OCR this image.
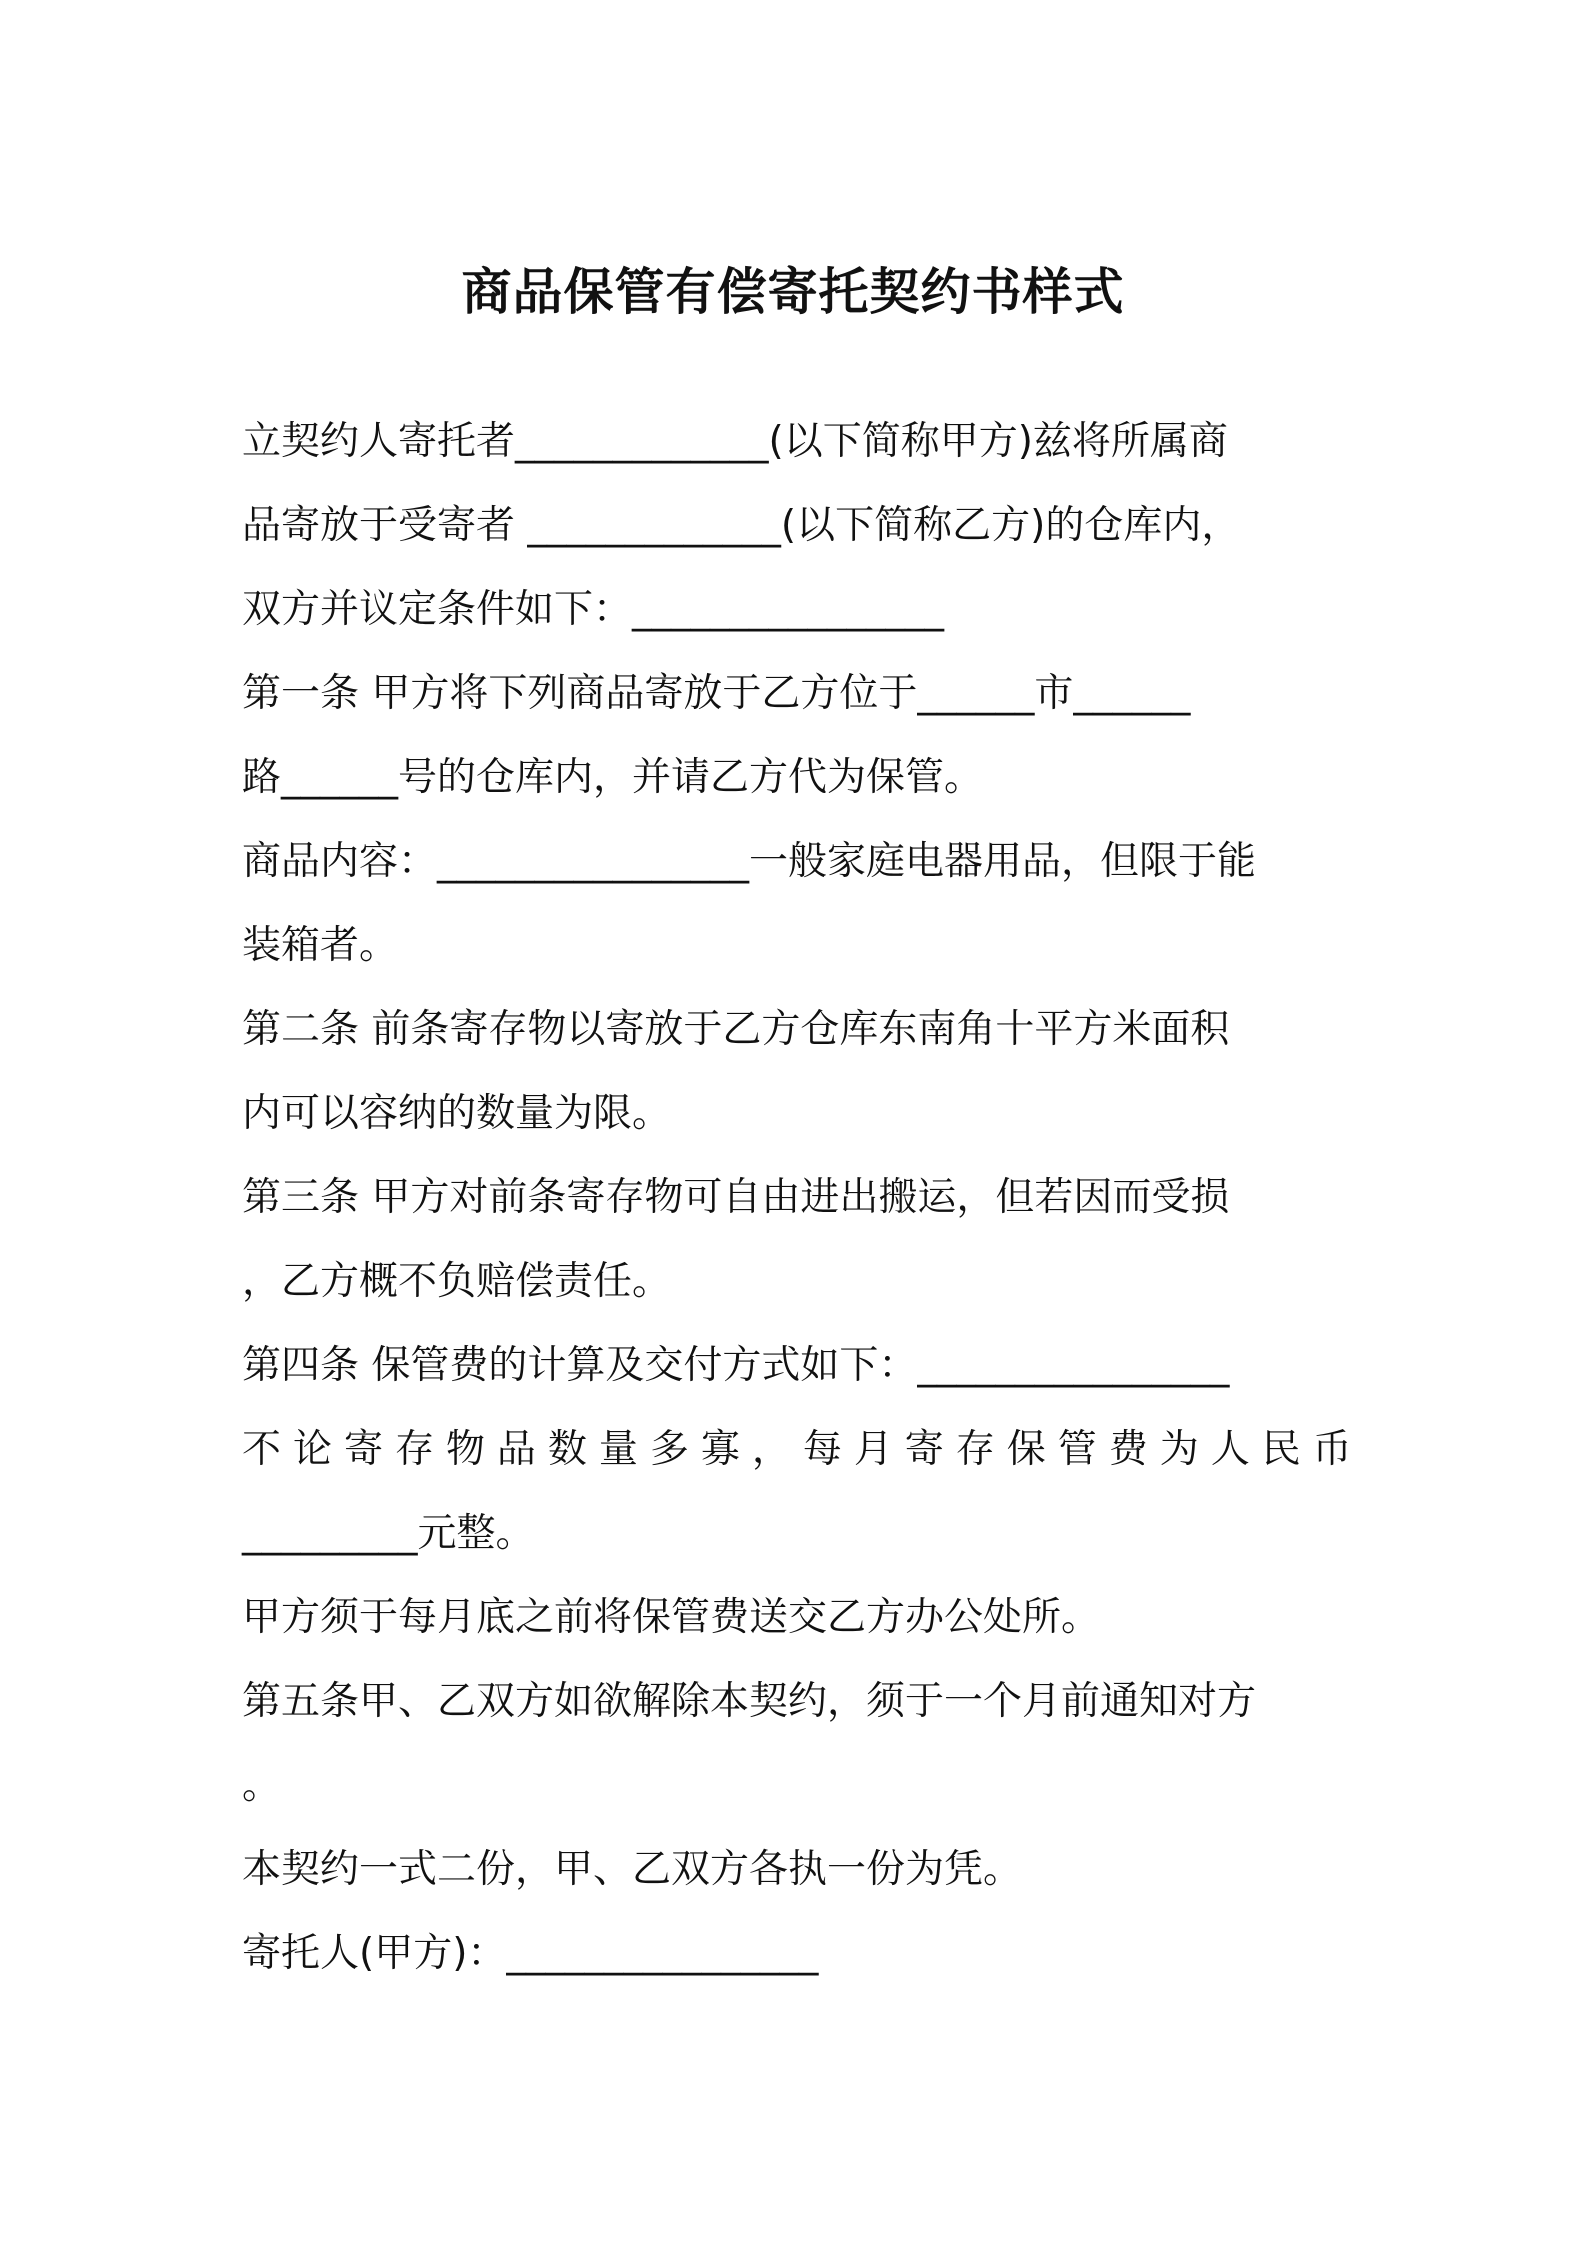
商品保管有偿寄托契约书样式
立契约人寄托者_____________(以下简称甲方)兹将所属商
品寄放于受寄者 _____________(以下简称乙方)的仓库内，
双方并议定条件如下：________________
第一条 甲方将下列商品寄放于乙方位于______市______
路______号的仓库内，并请乙方代为保管。
商品内容：________________一般家庭电器用品，但限于能
装箱者。
第二条 前条寄存物以寄放于乙方仓库东南角十平方米面积
内可以容纳的数量为限。
第三条 甲方对前条寄存物可自由进出搬运，但若因而受损
，乙方概不负赔偿责任。
第四条 保管费的计算及交付方式如下：________________
不 论 寄 存 物 品 数 量 多 寡 ， 每 月 寄 存 保 管 费 为 人 民 币
_________元整。
甲方须于每月底之前将保管费送交乙方办公处所。
第五条甲、乙双方如欲解除本契约，须于一个月前通知对方
。
本契约一式二份，甲、乙双方各执一份为凭。
寄托人(甲方)：________________
